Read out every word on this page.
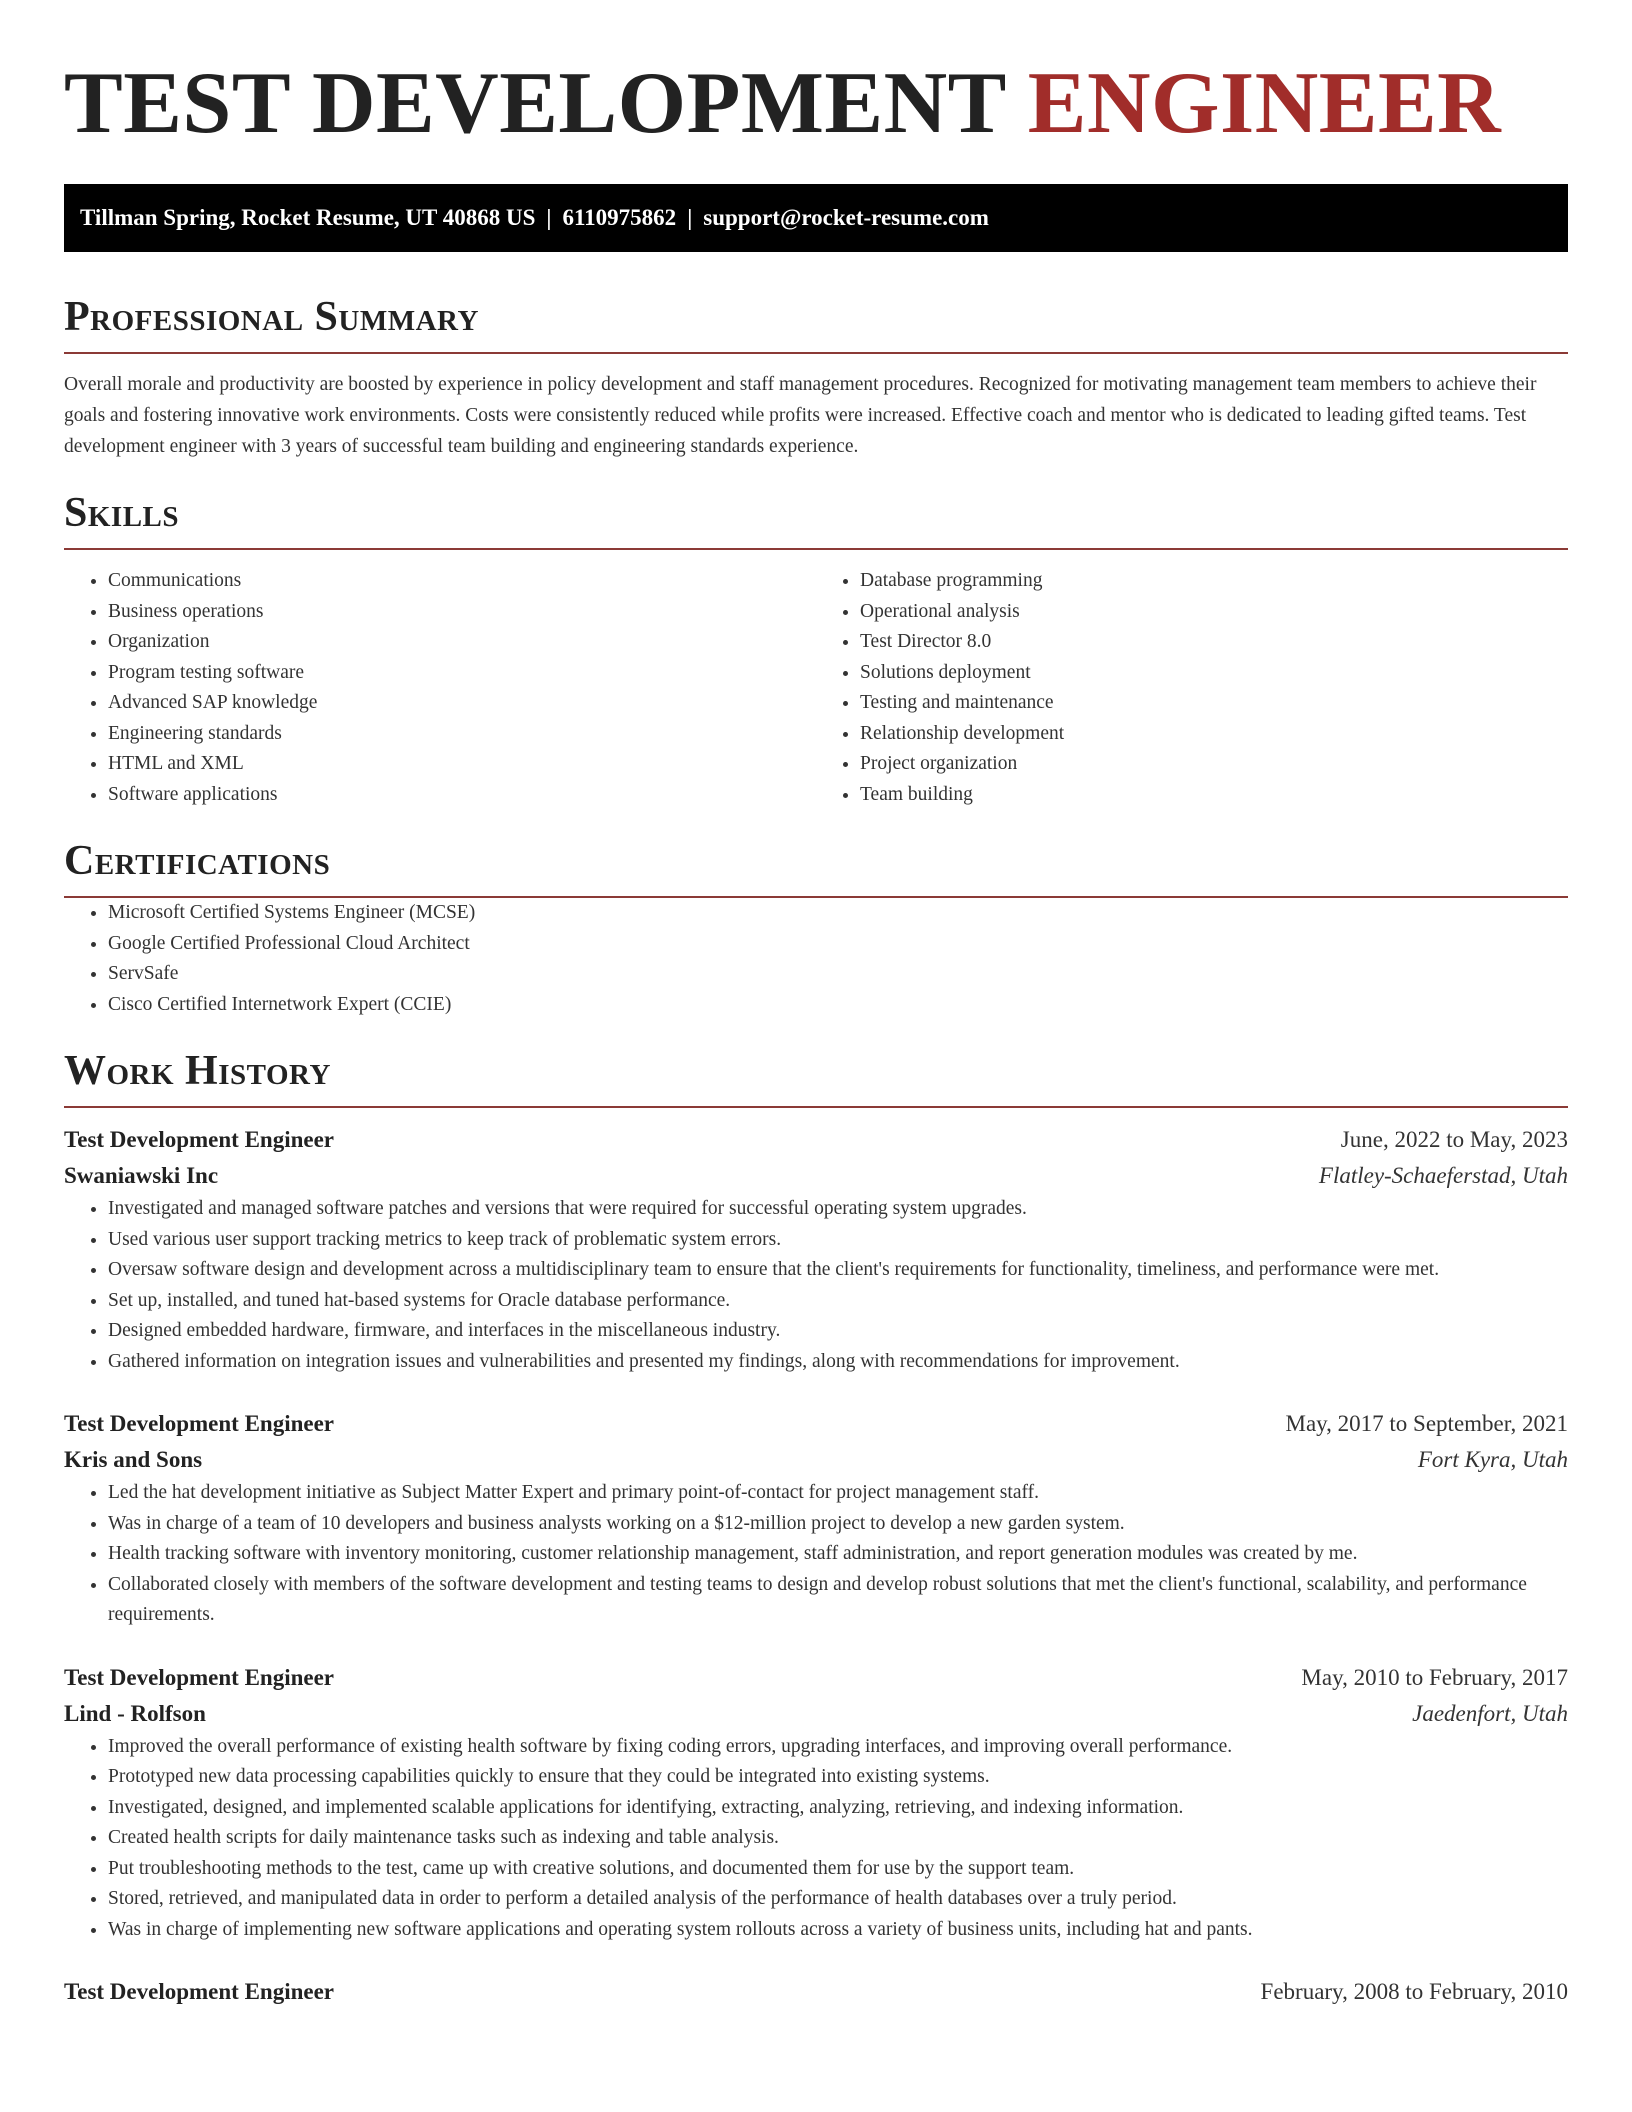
TEST DEVELOPMENT ENGINEER
Tillman Spring, Rocket Resume, UT 40868 US | 6110975862 | support@rocket-resume.com
Professional Summary

Overall morale and productivity are boosted by experience in policy development and staff management procedures. Recognized for motivating management team members to achieve their goals and fostering innovative work environments. Costs were consistently reduced while profits were increased. Effective coach and mentor who is dedicated to leading gifted teams. Test development engineer with 3 years of successful team building and engineering standards experience.

Skills
• Communications
• Business operations
• Organization
• Program testing software
• Advanced SAP knowledge
• Engineering standards
• HTML and XML
• Software applications
• Database programming
• Operational analysis
• Test Director 8.0
• Solutions deployment
• Testing and maintenance
• Relationship development
• Project organization
• Team building
Certifications
• Microsoft Certified Systems Engineer (MCSE)
• Google Certified Professional Cloud Architect
• ServSafe
• Cisco Certified Internetwork Expert (CCIE)
Work History
Test Development Engineer	June, 2022 to May, 2023
Swaniawski Inc	Flatley-Schaeferstad, Utah
• Investigated and managed software patches and versions that were required for successful operating system upgrades.
• Used various user support tracking metrics to keep track of problematic system errors.
• Oversaw software design and development across a multidisciplinary team to ensure that the client's requirements for functionality, timeliness, and performance were met.
• Set up, installed, and tuned hat-based systems for Oracle database performance.
• Designed embedded hardware, firmware, and interfaces in the miscellaneous industry.
• Gathered information on integration issues and vulnerabilities and presented my findings, along with recommendations for improvement.
Test Development Engineer	May, 2017 to September, 2021
Kris and Sons	Fort Kyra, Utah
• Led the hat development initiative as Subject Matter Expert and primary point-of-contact for project management staff.
• Was in charge of a team of 10 developers and business analysts working on a $12-million project to develop a new garden system.
• Health tracking software with inventory monitoring, customer relationship management, staff administration, and report generation modules was created by me.
• Collaborated closely with members of the software development and testing teams to design and develop robust solutions that met the client's functional, scalability, and performance requirements.
Test Development Engineer	May, 2010 to February, 2017
Lind - Rolfson	Jaedenfort, Utah
• Improved the overall performance of existing health software by fixing coding errors, upgrading interfaces, and improving overall performance.
• Prototyped new data processing capabilities quickly to ensure that they could be integrated into existing systems.
• Investigated, designed, and implemented scalable applications for identifying, extracting, analyzing, retrieving, and indexing information.
• Created health scripts for daily maintenance tasks such as indexing and table analysis.
• Put troubleshooting methods to the test, came up with creative solutions, and documented them for use by the support team.
• Stored, retrieved, and manipulated data in order to perform a detailed analysis of the performance of health databases over a truly period.
• Was in charge of implementing new software applications and operating system rollouts across a variety of business units, including hat and pants.
Test Development Engineer	February, 2008 to February, 2010
